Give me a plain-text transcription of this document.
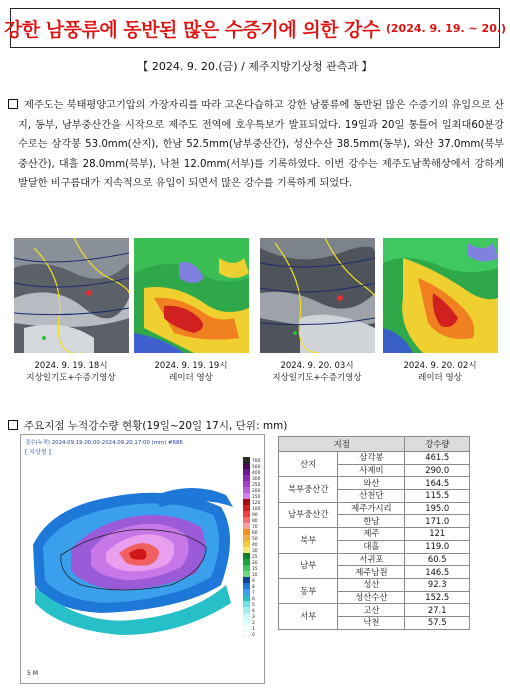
강한 남풍류에 동반된 많은 수증기에 의한 강수 (2024. 9. 19. ~ 20.)
【 2024. 9. 20.(금) / 제주지방기상청 관측과 】

제주도는 북태평양고기압의 가장자리를 따라 고온다습하고 강한 남풍류에 동반된 많은 수증기의 유입으로 산지, 동부, 남부중산간을 시작으로 제주도 전역에 호우특보가 발표되었다. 19일과 20일 통틀어 일최대60분강수로는 삼각봉 53.0mm(산지), 한남 52.5mm(남부중산간), 성산수산 38.5mm(동부), 와산 37.0mm(북부중산간), 대흘 28.0mm(북부), 낙천 12.0mm(서부)를 기록하였다. 이번 강수는 제주도남쪽해상에서 강하게 발달한 비구름대가 지속적으로 유입이 되면서 많은 강수를 기록하게 되었다.

2024. 9. 19. 18시
지상일기도+수증기영상
2024. 9. 19. 19시
레이더 영상
2024. 9. 20. 03시
지상일기도+수증기영상
2024. 9. 20. 02시
레이더 영상
주요지점 누적강수량 현황(19일~20일 17시, 단위: mm)
강수(누적) 2024.09.19.00:00-2024.09.20.17:00 (mm) #686
[ 지상청 ]
5 M
700
500
400
300
250
200
150
120
100
90
80
70
60
50
40
30
25
20
15
10
9
8
7
6
5
4
3
2
1
0
지점		강수량
산지	삼각봉	461.5
	사제비	290.0
북부중산간	와산	164.5
	산천단	115.5
남부중산간	제주가시리	195.0
	한남	171.0
북부	제주	121
	대흘	119.0
남부	서귀포	60.5
	제주남원	146.5
동부	성산	92.3
	성산수산	152.5
서부	고산	27.1
	낙천	57.5
